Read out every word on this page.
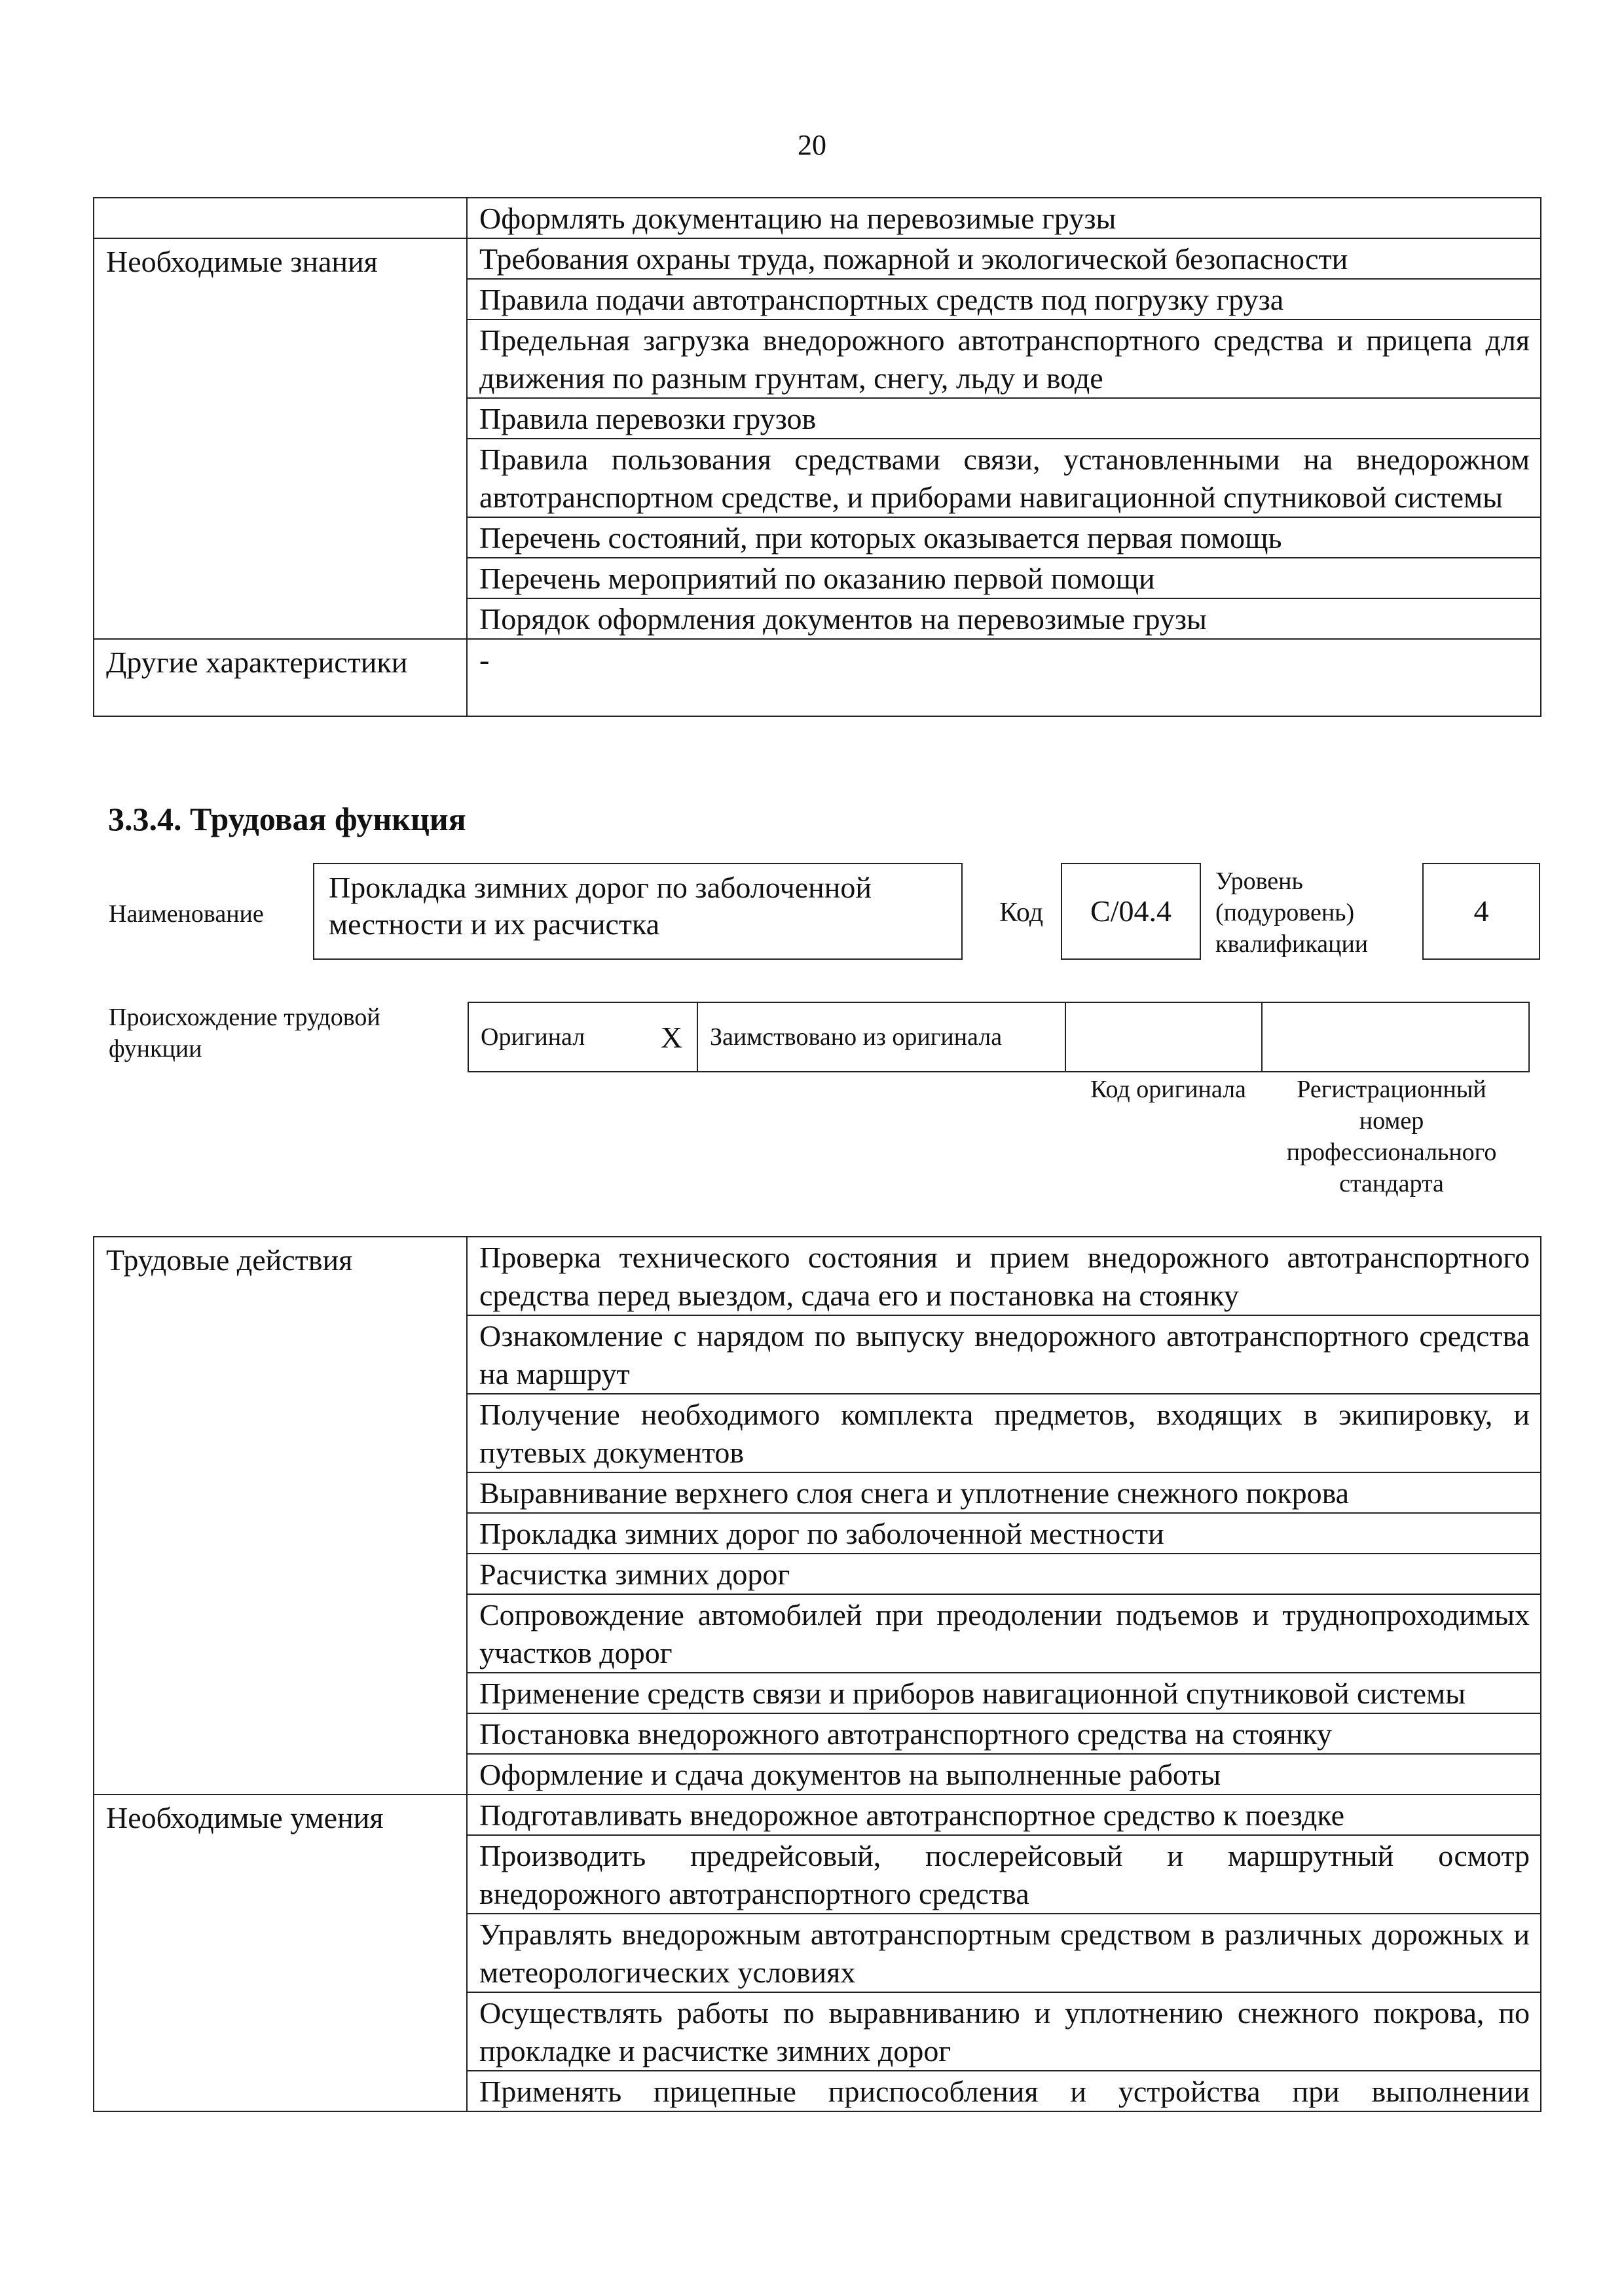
20
	Оформлять документацию на перевозимые грузы
Необходимые знания	Требования охраны труда, пожарной и экологической безопасности
	Правила подачи автотранспортных средств под погрузку груза
	Предельная загрузка внедорожного автотранспортного средства и прицепа для движения по разным грунтам, снегу, льду и воде
	Правила перевозки грузов
	Правила пользования средствами связи, установленными на внедорожном автотранспортном средстве, и приборами навигационной спутниковой системы
	Перечень состояний, при которых оказывается первая помощь
	Перечень мероприятий по оказанию первой помощи
	Порядок оформления документов на перевозимые грузы
Другие характеристики	-
3.3.4. Трудовая функция
Наименование
Прокладка зимних дорог по заболоченной местности и их расчистка	Код	С/04.4
Уровень (подуровень) квалификации
4
Происхождение трудовой функции	Оригинал	Х	Заимствовано из оригинала		
Код оригинала	Регистрационный номер профессионального стандарта
Трудовые действия	Проверка технического состояния и прием внедорожного автотранспортного средства перед выездом, сдача его и постановка на стоянку
	Ознакомление с нарядом по выпуску внедорожного автотранспортного средства на маршрут
	Получение необходимого комплекта предметов, входящих в экипировку, и путевых документов
	Выравнивание верхнего слоя снега и уплотнение снежного покрова
	Прокладка зимних дорог по заболоченной местности
	Расчистка зимних дорог
	Сопровождение автомобилей при преодолении подъемов и труднопроходимых участков дорог
	Применение средств связи и приборов навигационной спутниковой системы
	Постановка внедорожного автотранспортного средства на стоянку
	Оформление и сдача документов на выполненные работы
Необходимые умения	Подготавливать внедорожное автотранспортное средство к поездке
	Производить предрейсовый, послерейсовый и маршрутный осмотр внедорожного автотранспортного средства
	Управлять внедорожным автотранспортным средством в различных дорожных и метеорологических условиях
	Осуществлять работы по выравниванию и уплотнению снежного покрова, по прокладке и расчистке зимних дорог
	Применять прицепные приспособления и устройства при выполнении
